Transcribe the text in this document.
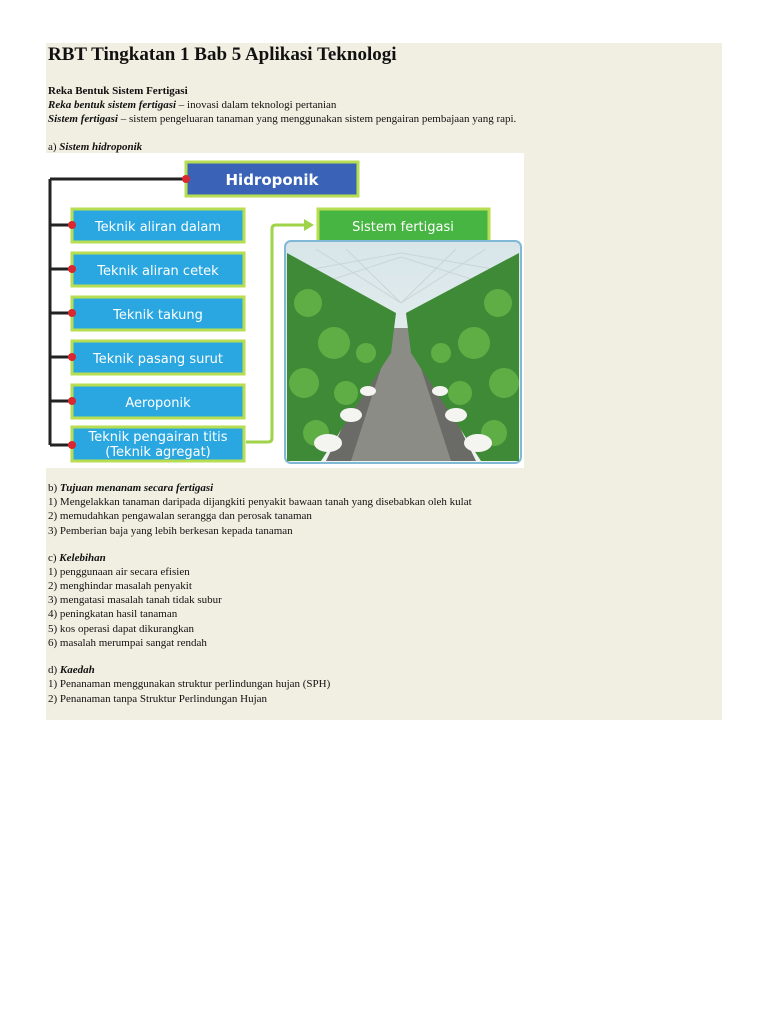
RBT Tingkatan 1 Bab 5 Aplikasi Teknologi
Reka Bentuk Sistem Fertigasi
Reka bentuk sistem fertigasi – inovasi dalam teknologi pertanian
Sistem fertigasi – sistem pengeluaran tanaman yang menggunakan sistem pengairan pembajaan yang rapi.
a) Sistem hidroponik
Hidroponik
Teknik aliran dalam
Teknik aliran cetek
Teknik takung
Teknik pasang surut
Aeroponik
Teknik pengairan titis
(Teknik agregat)
Sistem fertigasi
b) Tujuan menanam secara fertigasi
1) Mengelakkan tanaman daripada dijangkiti penyakit bawaan tanah yang disebabkan oleh kulat
2) memudahkan pengawalan serangga dan perosak tanaman
3) Pemberian baja yang lebih berkesan kepada tanaman
c) Kelebihan
1) penggunaan air secara efisien
2) menghindar masalah penyakit
3) mengatasi masalah tanah tidak subur
4) peningkatan hasil tanaman
5) kos operasi dapat dikurangkan
6) masalah merumpai sangat rendah
d) Kaedah
1) Penanaman menggunakan struktur perlindungan hujan (SPH)
2) Penanaman tanpa Struktur Perlindungan Hujan
